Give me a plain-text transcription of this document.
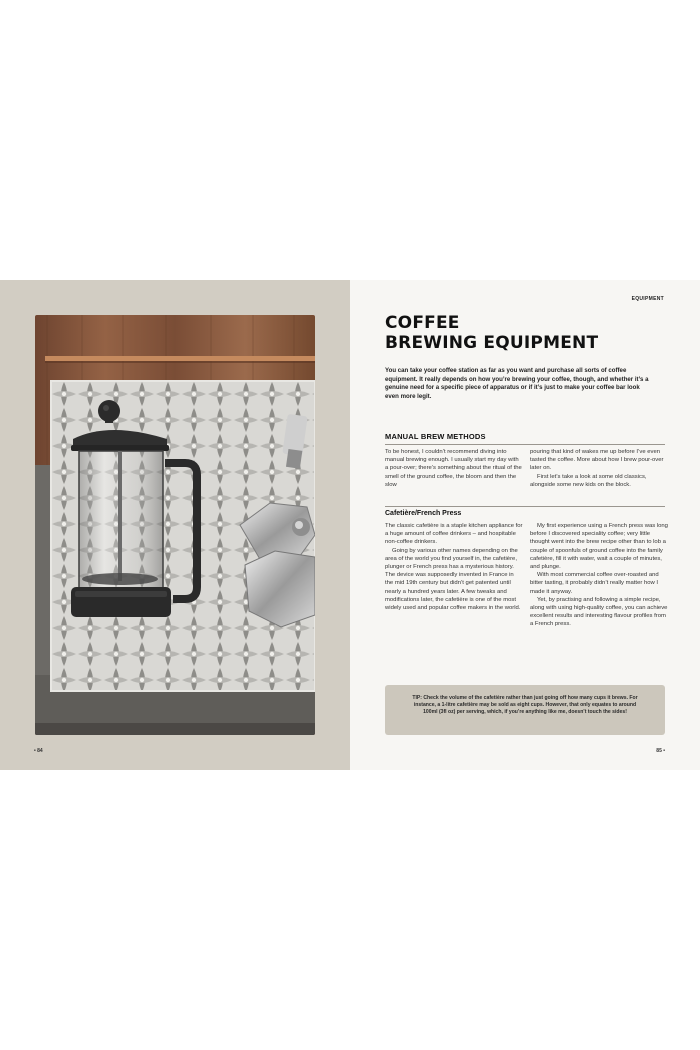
• 84
EQUIPMENT
COFFEE
BREWING EQUIPMENT

You can take your coffee station as far as you want and purchase all sorts of coffee equipment. It really depends on how you’re brewing your coffee, though, and whether it’s a genuine need for a specific piece of apparatus or if it’s just to make your coffee bar look even more legit.

MANUAL BREW METHODS

To be honest, I couldn’t recommend diving into manual brewing enough. I usually start my day with a pour-over; there’s something about the ritual of the smell of the ground coffee, the bloom and then the slow

pouring that kind of wakes me up before I’ve even tasted the coffee. More about how I brew pour-over later on.

First let’s take a look at some old classics, alongside some new kids on the block.

Cafetière/French Press

The classic cafetière is a staple kitchen appliance for a huge amount of coffee drinkers – and hospitable non-coffee drinkers.

Going by various other names depending on the area of the world you find yourself in, the cafetière, plunger or French press has a mysterious history. The device was supposedly invented in France in the mid 19th century but didn’t get patented until nearly a hundred years later. A few tweaks and modifications later, the cafetière is one of the most widely used and popular coffee makers in the world.

My first experience using a French press was long before I discovered speciality coffee; very little thought went into the brew recipe other than to lob a couple of spoonfuls of ground coffee into the family cafetière, fill it with water, wait a couple of minutes, and plunge.

With most commercial coffee over-roasted and bitter tasting, it probably didn’t really matter how I made it anyway.

Yet, by practising and following a simple recipe, along with using high-quality coffee, you can achieve excellent results and interesting flavour profiles from a French press.

TIP: Check the volume of the cafetière rather than just going off how many cups it brews. For instance, a 1-litre cafetière may be sold as eight cups. However, that only equates to around 100ml (3fl oz) per serving, which, if you’re anything like me, doesn’t touch the sides!

85 •
